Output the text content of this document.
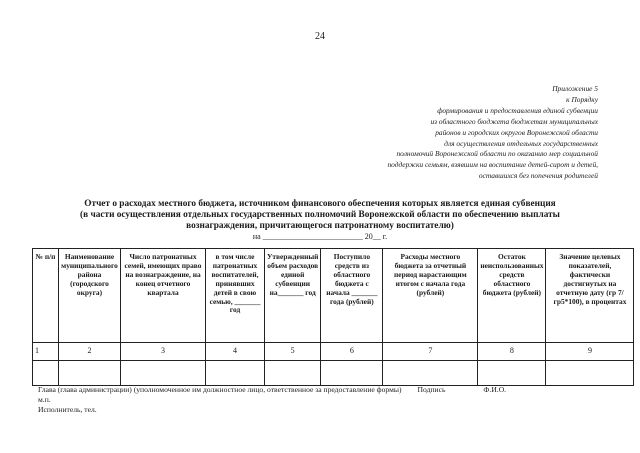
24
Приложение 5
к Порядку
формирования и предоставления единой субвенции
из областного бюджета бюджетам муниципальных
районов и городских округов Воронежской области
для осуществления отдельных государственных
полномочий Воронежской области по оказанию мер социальной
поддержки семьям, взявшим на воспитание детей-сирот и детей,
оставшихся без попечения родителей
Отчет о расходах местного бюджета, источником финансового обеспечения которых является единая субвенция
(в части осуществления отдельных государственных полномочий Воронежской области по обеспечению выплаты
вознаграждения, причитающегося патронатному воспитателю)
на _________________________ 20__ г.
№ п/п	Наименование муниципального района (городского округа)	Число патронатных семей, имеющих право на вознаграждение, на конец отчетного квартала	в том числе патронатных воспитателей, принявших детей в свою семью, _______ год	Утвержденный объем расходов единой субвенции на_______ год	Поступило средств из областного бюджета с начала _______ года (рублей)	Расходы местного бюджета за отчетный период нарастающим итогом с начала года (рублей)	Остаток неиспользованных средств областного бюджета (рублей)	Значение целевых показателей, фактически достигнутых на отчетную дату (гр 7/гр5*100), в процентах
1	2	3	4	5	6	7	8	9

Глава (глава администрации) (уполномоченное им должностное лицо, ответственное за предоставление формы) Подпись	Ф.И.О.
м.п.
Исполнитель, тел.
